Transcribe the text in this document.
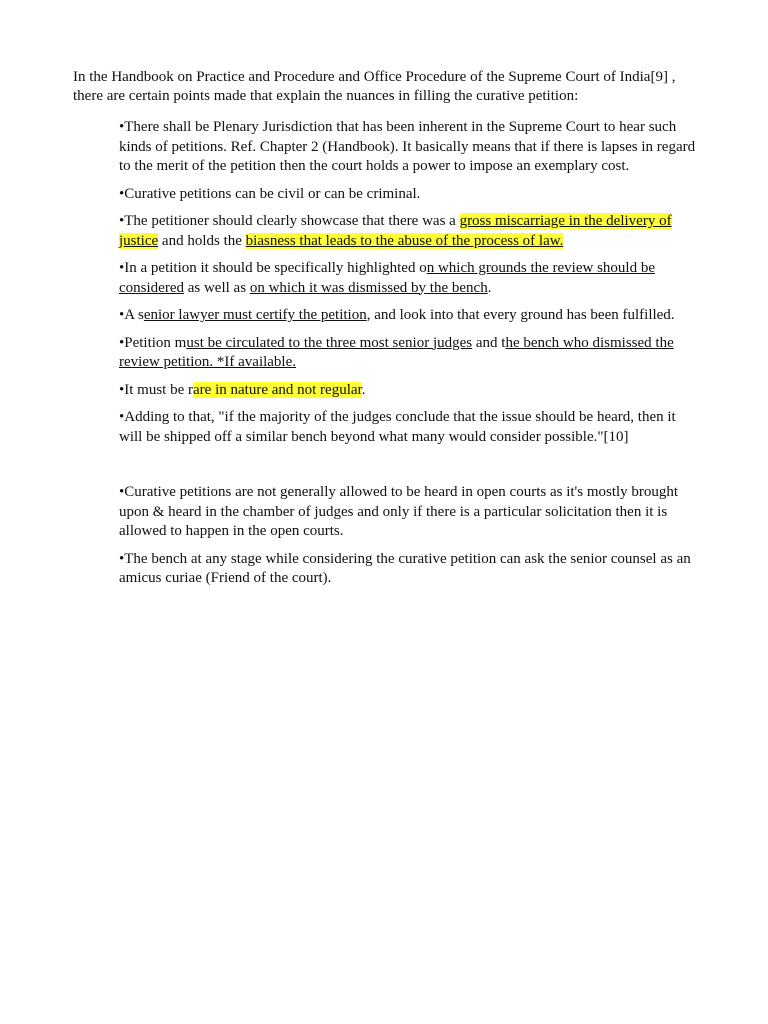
In the Handbook on Practice and Procedure and Office Procedure of the Supreme Court of India[9] , there are certain points made that explain the nuances in filling the curative petition:

•There shall be Plenary Jurisdiction that has been inherent in the Supreme Court to hear such kinds of petitions. Ref. Chapter 2 (Handbook). It basically means that if there is lapses in regard to the merit of the petition then the court holds a power to impose an exemplary cost.

•Curative petitions can be civil or can be criminal.

•The petitioner should clearly showcase that there was a gross miscarriage in the delivery of justice and holds the biasness that leads to the abuse of the process of law.

•In a petition it should be specifically highlighted on which grounds the review should be considered as well as on which it was dismissed by the bench.

•A senior lawyer must certify the petition, and look into that every ground has been fulfilled.

•Petition must be circulated to the three most senior judges and the bench who dismissed the review petition. *If available.

•It must be rare in nature and not regular.

•Adding to that, "if the majority of the judges conclude that the issue should be heard, then it will be shipped off a similar bench beyond what many would consider possible."[10]

•Curative petitions are not generally allowed to be heard in open courts as it's mostly brought upon & heard in the chamber of judges and only if there is a particular solicitation then it is allowed to happen in the open courts.

•The bench at any stage while considering the curative petition can ask the senior counsel as an amicus curiae (Friend of the court).
